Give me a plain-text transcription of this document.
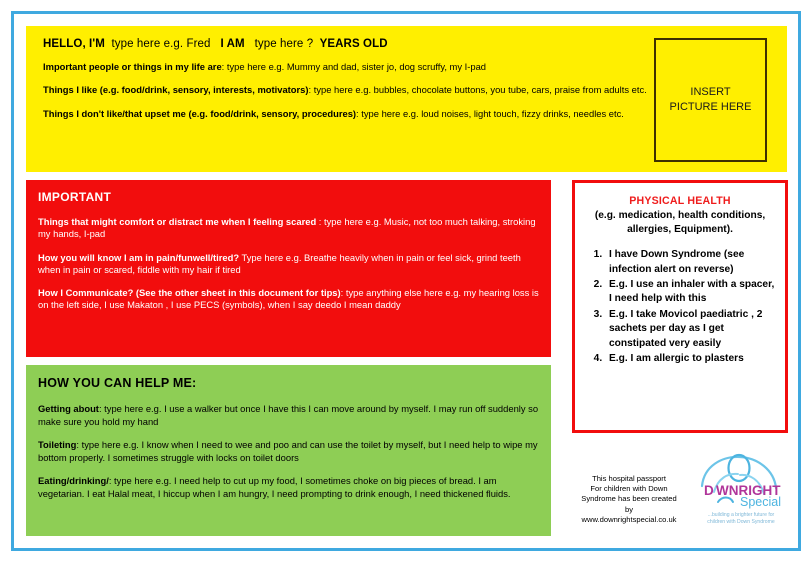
HELLO, I'M type here e.g. Fred I AM type here ? YEARS OLD
Important people or things in my life are: type here e.g. Mummy and dad, sister jo, dog scruffy, my I-pad
Things I like (e.g. food/drink, sensory, interests, motivators): type here e.g. bubbles, chocolate buttons, you tube, cars, praise from adults etc.
Things I don't like/that upset me (e.g. food/drink, sensory, procedures): type here e.g. loud noises, light touch, fizzy drinks, needles etc.
INSERT
PICTURE HERE
IMPORTANT
Things that might comfort or distract me when I feeling scared : type here e.g. Music, not too much talking, stroking my hands, I-pad
How you will know I am in pain/funwell/tired? Type here e.g. Breathe heavily when in pain or feel sick, grind teeth when in pain or scared, fiddle with my hair if tired
How I Communicate? (See the other sheet in this document for tips): type anything else here e.g. my hearing loss is on the left side, I use Makaton , I use PECS (symbols), when I say deedo I mean daddy
HOW YOU CAN HELP ME:
Getting about: type here e.g. I use a walker but once I have this I can move around by myself. I may run off suddenly so make sure you hold my hand
Toileting: type here e.g. I know when I need to wee and poo and can use the toilet by myself, but I need help to wipe my bottom properly. I sometimes struggle with locks on toilet doors
Eating/drinking/: type here e.g. I need help to cut up my food, I sometimes choke on big pieces of bread. I am vegetarian. I eat Halal meat, I hiccup when I am hungry, I need prompting to drink enough, I need thickened fluids.
PHYSICAL HEALTH
(e.g. medication, health conditions, allergies, Equipment).
1. I have Down Syndrome (see infection alert on reverse)
2. E.g. I use an inhaler with a spacer, I need help with this
3. E.g. I take Movicol paediatric , 2 sachets per day as I get constipated very easily
4. E.g. I am allergic to plasters
This hospital passport
For children with Down
Syndrome has been created
by
www.downrightspecial.co.uk
D WNRIGHT
Special
...building a brighter future for
children with Down Syndrome
